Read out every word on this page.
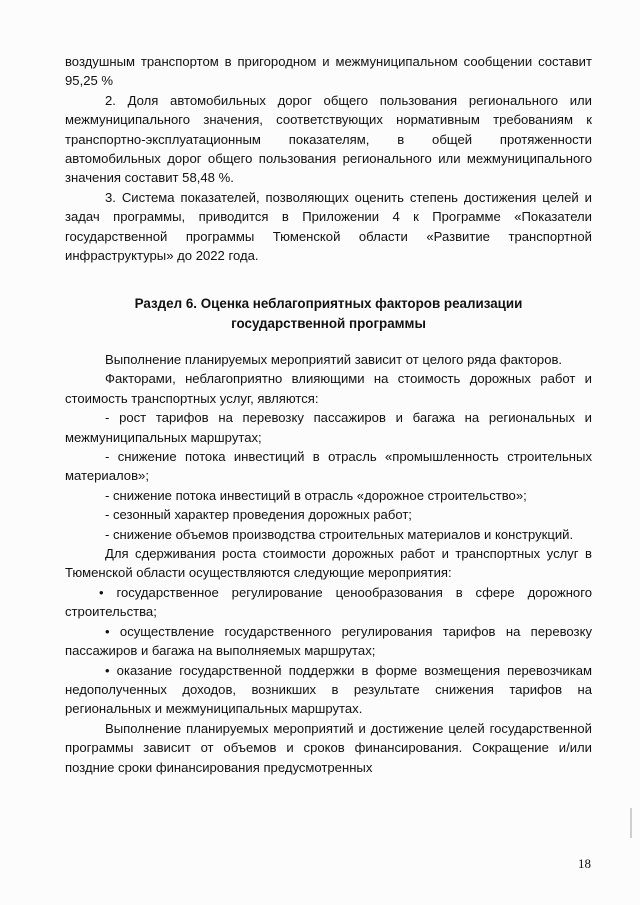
воздушным транспортом в пригородном и межмуниципальном сообщении составит 95,25 %

2. Доля автомобильных дорог общего пользования регионального или межмуниципального значения, соответствующих нормативным требованиям к транспортно-эксплуатационным показателям, в общей протяженности автомобильных дорог общего пользования регионального или межмуниципального значения составит 58,48 %.

3. Система показателей, позволяющих оценить степень достижения целей и задач программы, приводится в Приложении 4 к Программе «Показатели государственной программы Тюменской области «Развитие транспортной инфраструктуры» до 2022 года.

Раздел 6. Оценка неблагоприятных факторов реализации
государственной программы

Выполнение планируемых мероприятий зависит от целого ряда факторов.

Факторами, неблагоприятно влияющими на стоимость дорожных работ и стоимость транспортных услуг, являются:

- рост тарифов на перевозку пассажиров и багажа на региональных и межмуниципальных маршрутах;

- снижение потока инвестиций в отрасль «промышленность строительных материалов»;

- снижение потока инвестиций в отрасль «дорожное строительство»;

- сезонный характер проведения дорожных работ;

- снижение объемов производства строительных материалов и конструкций.

Для сдерживания роста стоимости дорожных работ и транспортных услуг в Тюменской области осуществляются следующие мероприятия:

• государственное регулирование ценообразования в сфере дорожного строительства;

• осуществление государственного регулирования тарифов на перевозку пассажиров и багажа на выполняемых маршрутах;

• оказание государственной поддержки в форме возмещения перевозчикам недополученных доходов, возникших в результате снижения тарифов на региональных и межмуниципальных маршрутах.

Выполнение планируемых мероприятий и достижение целей государственной программы зависит от объемов и сроков финансирования. Сокращение и/или поздние сроки финансирования предусмотренных

18
